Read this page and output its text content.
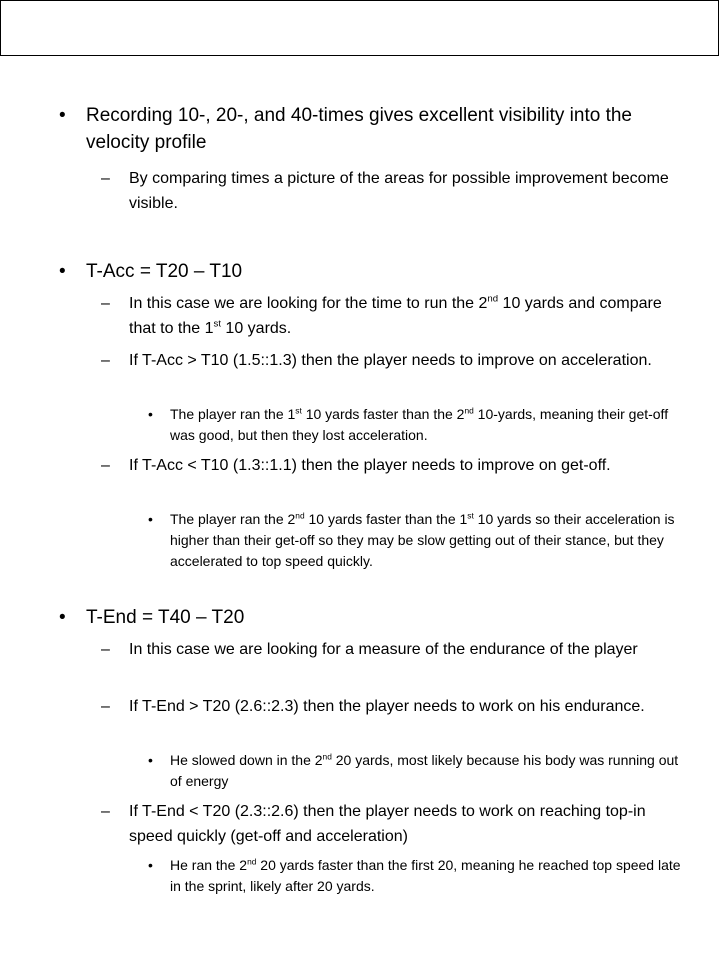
• Recording 10-, 20-, and 40-times gives excellent visibility into the velocity profile
– By comparing times a picture of the areas for possible improvement become visible.
• T-Acc = T20 – T10
– In this case we are looking for the time to run the 2nd 10 yards and compare that to the 1st 10 yards.
– If T-Acc > T10 (1.5::1.3) then the player needs to improve on acceleration.
• The player ran the 1st 10 yards faster than the 2nd 10-yards, meaning their get-off was good, but then they lost acceleration.
– If T-Acc < T10 (1.3::1.1) then the player needs to improve on get-off.
• The player ran the 2nd 10 yards faster than the 1st 10 yards so their acceleration is higher than their get-off so they may be slow getting out of their stance, but they accelerated to top speed quickly.
• T-End = T40 – T20
– In this case we are looking for a measure of the endurance of the player
– If T-End > T20 (2.6::2.3) then the player needs to work on his endurance.
• He slowed down in the 2nd 20 yards, most likely because his body was running out of energy
– If T-End < T20 (2.3::2.6) then the player needs to work on reaching top-in speed quickly (get-off and acceleration)
• He ran the 2nd 20 yards faster than the first 20, meaning he reached top speed late in the sprint, likely after 20 yards.
